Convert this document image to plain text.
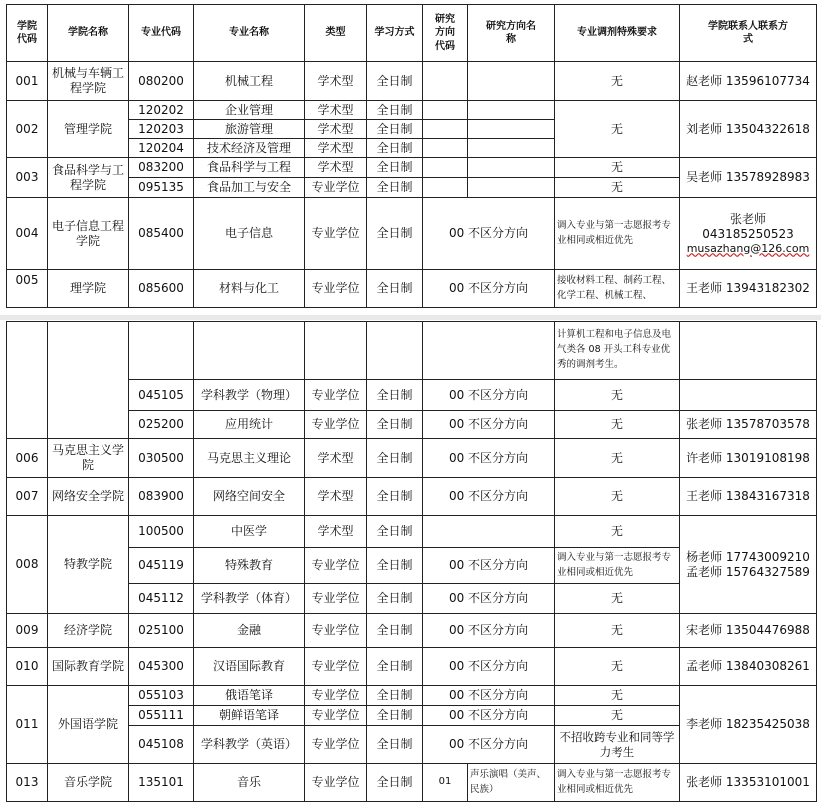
学院代码	学院名称	专业代码	专业名称	类型	学习方式	研究方向代码	研究方向名称	专业调剂特殊要求	学院联系人联系方式
001	机械与车辆工程学院	080200	机械工程	学术型	全日制			无	赵老师 13596107734
002	管理学院	120202	企业管理	学术型	全日制			无	刘老师 13504322618
		120203	旅游管理	学术型	全日制				
		120204	技术经济及管理	学术型	全日制				
003	食品科学与工程学院	083200	食品科学与工程	学术型	全日制			无	吴老师 13578928983
		095135	食品加工与安全	专业学位	全日制			无	
004	电子信息工程学院	085400	电子信息	专业学位	全日制	00 不区分方向		调入专业与第一志愿报考专业相同或相近优先	张老师
043185250523
musazhang@126.com

005	理学院	085600	材料与化工	专业学位	全日制	00 不区分方向		接收材料工程、制药工程、化学工程、机械工程、	王老师 13943182302
								计算机工程和电子信息及电气类各 08 开头工科专业优秀的调剂考生。	
		045105	学科教学（物理）	专业学位	全日制	00 不区分方向		无	
		025200	应用统计	专业学位	全日制	00 不区分方向		无	张老师 13578703578
006	马克思主义学院	030500	马克思主义理论	学术型	全日制	00 不区分方向		无	许老师 13019108198
007	网络安全学院	083900	网络空间安全	学术型	全日制	00 不区分方向		无	王老师 13843167318
008	特教学院	100500	中医学	学术型	全日制			无	杨老师 17743009210
孟老师 15764327589

		045119	特殊教育	专业学位	全日制	00 不区分方向		调入专业与第一志愿报考专业相同或相近优先	
		045112	学科教学（体育）	专业学位	全日制	00 不区分方向		无	
009	经济学院	025100	金融	专业学位	全日制	00 不区分方向		无	宋老师 13504476988
010	国际教育学院	045300	汉语国际教育	专业学位	全日制	00 不区分方向		无	孟老师 13840308261
011	外国语学院	055103	俄语笔译	专业学位	全日制	00 不区分方向		无	李老师 18235425038
		055111	朝鲜语笔译	专业学位	全日制	00 不区分方向		无	
		045108	学科教学（英语）	专业学位	全日制	00 不区分方向		不招收跨专业和同等学力考生	
013	音乐学院	135101	音乐	专业学位	全日制	01	声乐演唱（美声、民族）	调入专业与第一志愿报考专业相同或相近优先	张老师 13353101001
